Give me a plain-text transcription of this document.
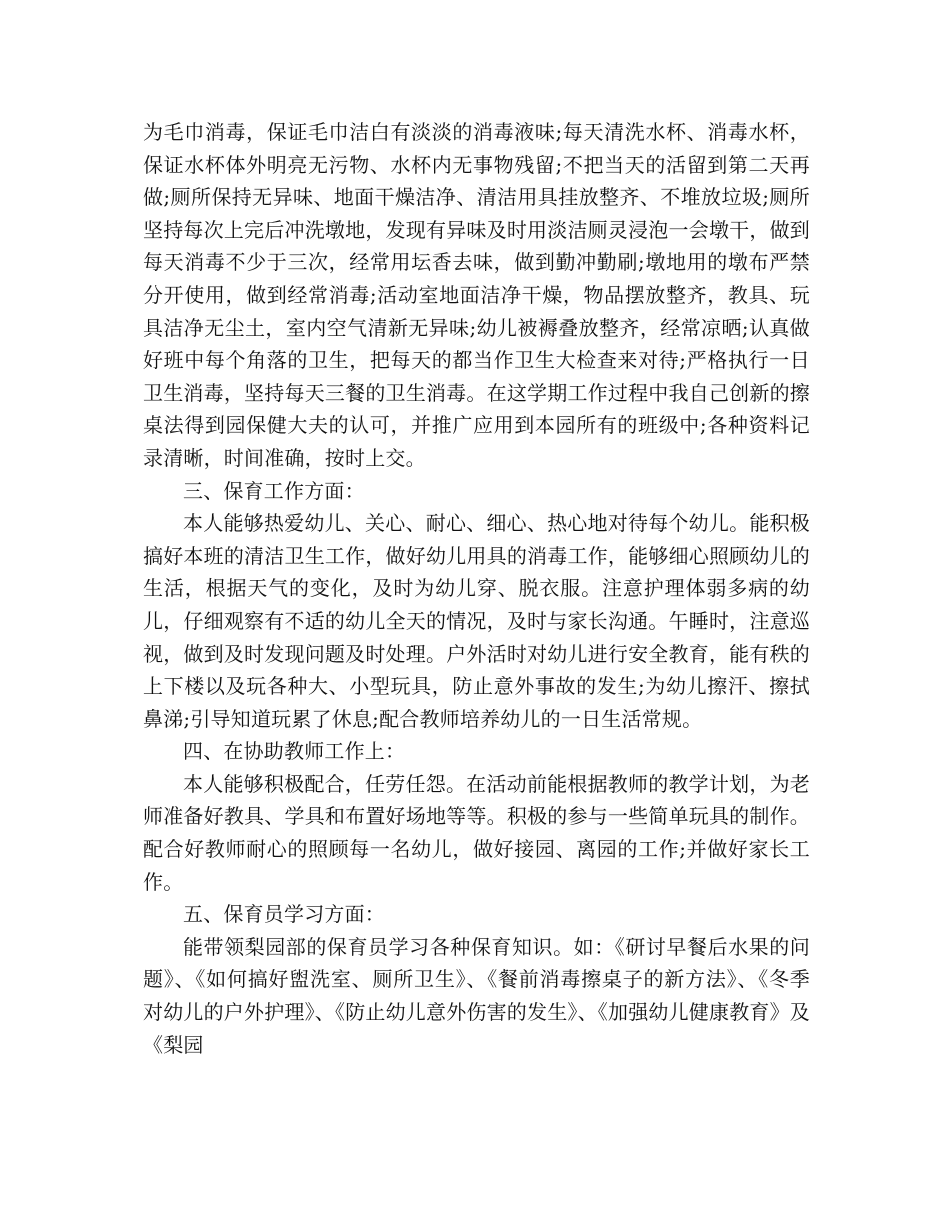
为毛巾消毒，保证毛巾洁白有淡淡的消毒液味;每天清洗水杯、消毒水杯，保证水杯体外明亮无污物、水杯内无事物残留;不把当天的活留到第二天再做;厕所保持无异味、地面干燥洁净、清洁用具挂放整齐、不堆放垃圾;厕所坚持每次上完后冲洗墩地，发现有异味及时用淡洁厕灵浸泡一会墩干，做到每天消毒不少于三次，经常用坛香去味，做到勤冲勤刷;墩地用的墩布严禁分开使用，做到经常消毒;活动室地面洁净干燥，物品摆放整齐，教具、玩具洁净无尘土，室内空气清新无异味;幼儿被褥叠放整齐，经常凉晒;认真做好班中每个角落的卫生，把每天的都当作卫生大检查来对待;严格执行一日卫生消毒，坚持每天三餐的卫生消毒。在这学期工作过程中我自己创新的擦桌法得到园保健大夫的认可，并推广应用到本园所有的班级中;各种资料记录清晰，时间准确，按时上交。

三、保育工作方面：

本人能够热爱幼儿、关心、耐心、细心、热心地对待每个幼儿。能积极搞好本班的清洁卫生工作，做好幼儿用具的消毒工作，能够细心照顾幼儿的生活，根据天气的变化，及时为幼儿穿、脱衣服。注意护理体弱多病的幼儿，仔细观察有不适的幼儿全天的情况，及时与家长沟通。午睡时，注意巡视，做到及时发现问题及时处理。户外活时对幼儿进行安全教育，能有秩的上下楼以及玩各种大、小型玩具，防止意外事故的发生;为幼儿擦汗、擦拭鼻涕;引导知道玩累了休息;配合教师培养幼儿的一日生活常规。

四、在协助教师工作上：

本人能够积极配合，任劳任怨。在活动前能根据教师的教学计划，为老师准备好教具、学具和布置好场地等等。积极的参与一些简单玩具的制作。配合好教师耐心的照顾每一名幼儿，做好接园、离园的工作;并做好家长工作。

五、保育员学习方面：

能带领梨园部的保育员学习各种保育知识。如：《研讨早餐后水果的问题》、《如何搞好盥洗室、厕所卫生》、《餐前消毒擦桌子的新方法》、《冬季对幼儿的户外护理》、《防止幼儿意外伤害的发生》、《加强幼儿健康教育》及《梨园
